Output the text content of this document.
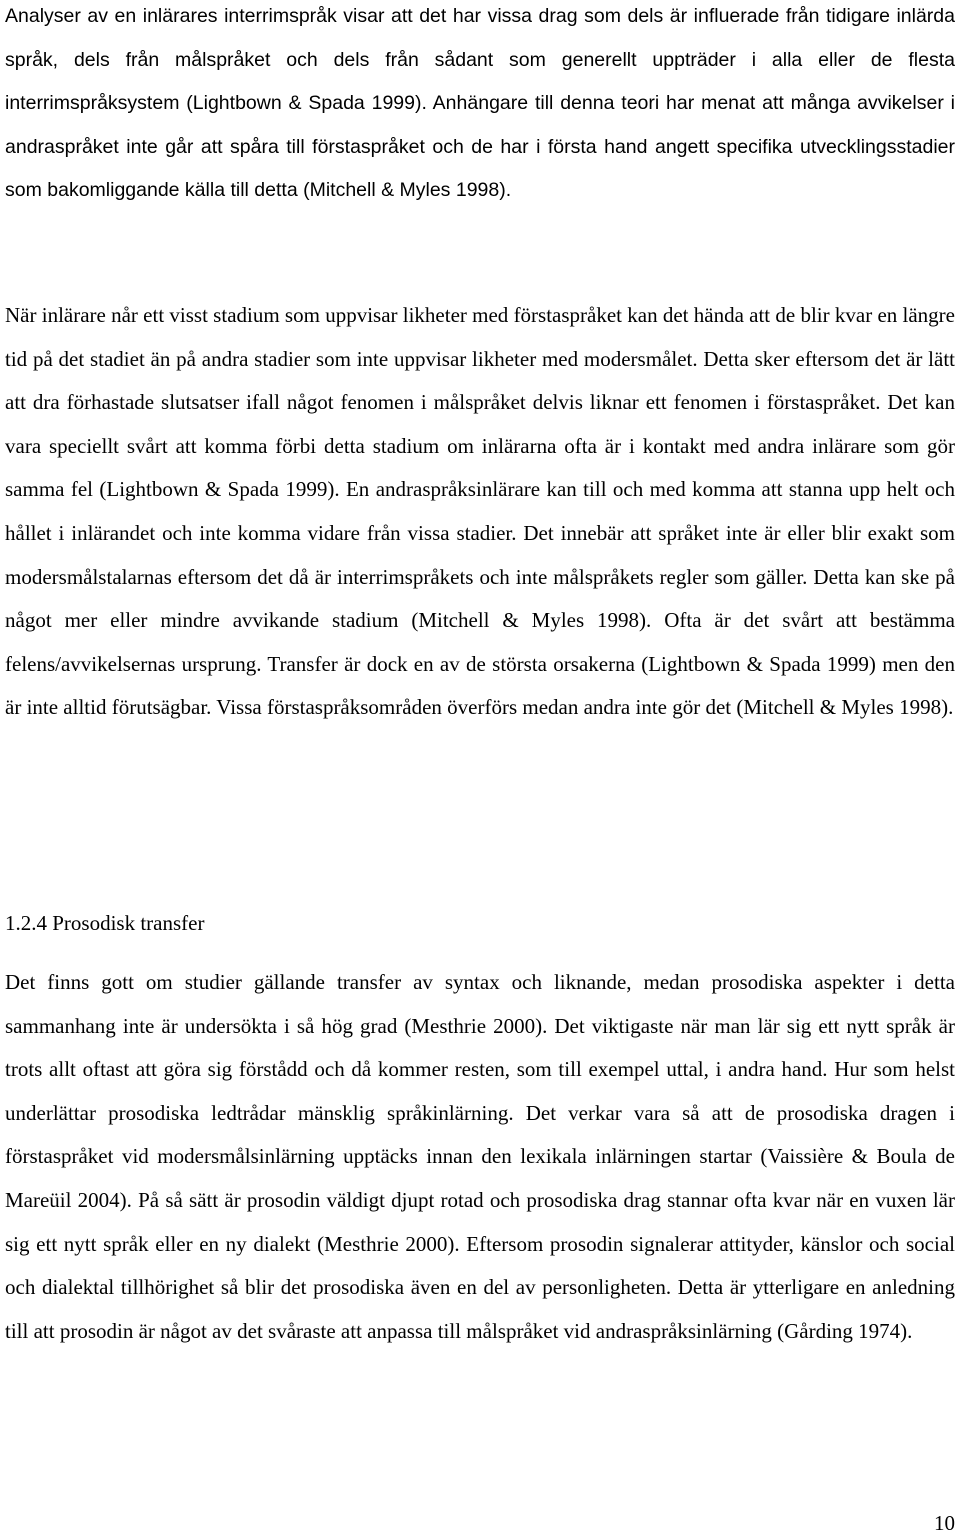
Analyser av en inlärares interrimspråk visar att det har vissa drag som dels är influerade från tidigare inlärda språk, dels från målspråket och dels från sådant som generellt uppträder i alla eller de flesta interrimspråksystem (Lightbown & Spada 1999). Anhängare till denna teori har menat att många avvikelser i andraspråket inte går att spåra till förstaspråket och de har i första hand angett specifika utvecklingsstadier som bakomliggande källa till detta (Mitchell & Myles 1998).

När inlärare når ett visst stadium som uppvisar likheter med förstaspråket kan det hända att de blir kvar en längre tid på det stadiet än på andra stadier som inte uppvisar likheter med modersmålet. Detta sker eftersom det är lätt att dra förhastade slutsatser ifall något fenomen i målspråket delvis liknar ett fenomen i förstaspråket. Det kan vara speciellt svårt att komma förbi detta stadium om inlärarna ofta är i kontakt med andra inlärare som gör samma fel (Lightbown & Spada 1999). En andraspråksinlärare kan till och med komma att stanna upp helt och hållet i inlärandet och inte komma vidare från vissa stadier. Det innebär att språket inte är eller blir exakt som modersmålstalarnas eftersom det då är interrimspråkets och inte målspråkets regler som gäller. Detta kan ske på något mer eller mindre avvikande stadium (Mitchell & Myles 1998). Ofta är det svårt att bestämma felens/avvikelsernas ursprung. Transfer är dock en av de största orsakerna (Lightbown & Spada 1999) men den är inte alltid förutsägbar. Vissa förstaspråksområden överförs medan andra inte gör det (Mitchell & Myles 1998).

1.2.4 Prosodisk transfer

Det finns gott om studier gällande transfer av syntax och liknande, medan prosodiska aspekter i detta sammanhang inte är undersökta i så hög grad (Mesthrie 2000). Det viktigaste när man lär sig ett nytt språk är trots allt oftast att göra sig förstådd och då kommer resten, som till exempel uttal, i andra hand. Hur som helst underlättar prosodiska ledtrådar mänsklig språkinlärning. Det verkar vara så att de prosodiska dragen i förstaspråket vid modersmålsinlärning upptäcks innan den lexikala inlärningen startar (Vaissière & Boula de Mareüil 2004). På så sätt är prosodin väldigt djupt rotad och prosodiska drag stannar ofta kvar när en vuxen lär sig ett nytt språk eller en ny dialekt (Mesthrie 2000). Eftersom prosodin signalerar attityder, känslor och social och dialektal tillhörighet så blir det prosodiska även en del av personligheten. Detta är ytterligare en anledning till att prosodin är något av det svåraste att anpassa till målspråket vid andraspråksinlärning (Gårding 1974).

10
